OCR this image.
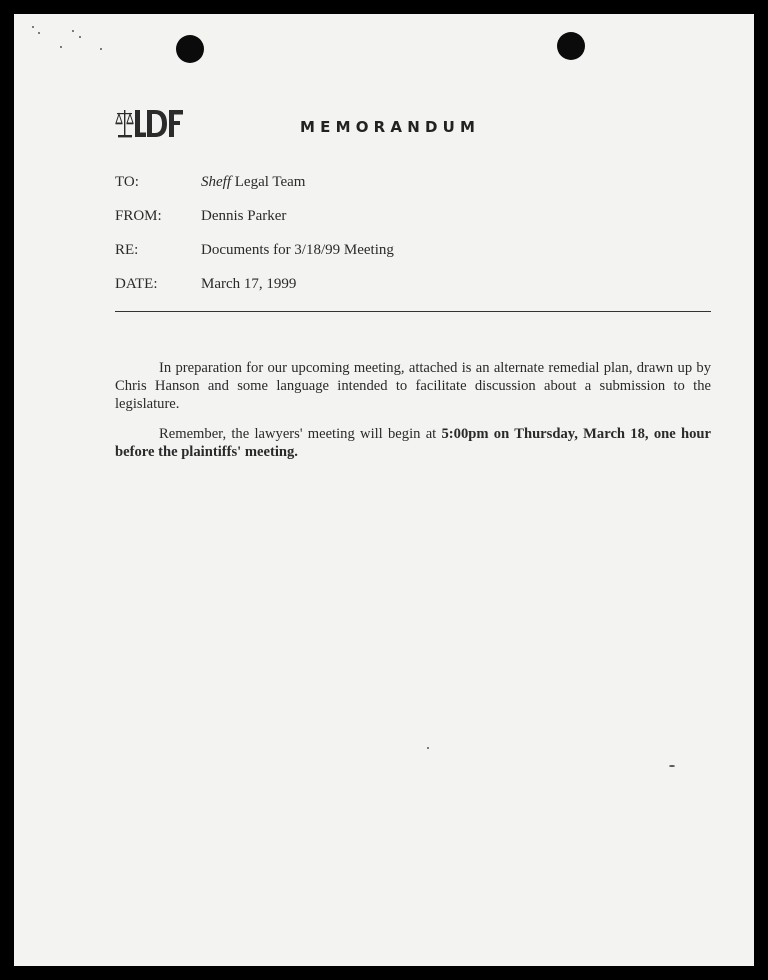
MEMORANDUM
TO:	Sheff Legal Team
FROM:	Dennis Parker
RE:	Documents for 3/18/99 Meeting
DATE:	March 17, 1999

In preparation for our upcoming meeting, attached is an alternate remedial plan, drawn up by Chris Hanson and some language intended to facilitate discussion about a submission to the legislature.

Remember, the lawyers' meeting will begin at 5:00pm on Thursday, March 18, one hour before the plaintiffs' meeting.
